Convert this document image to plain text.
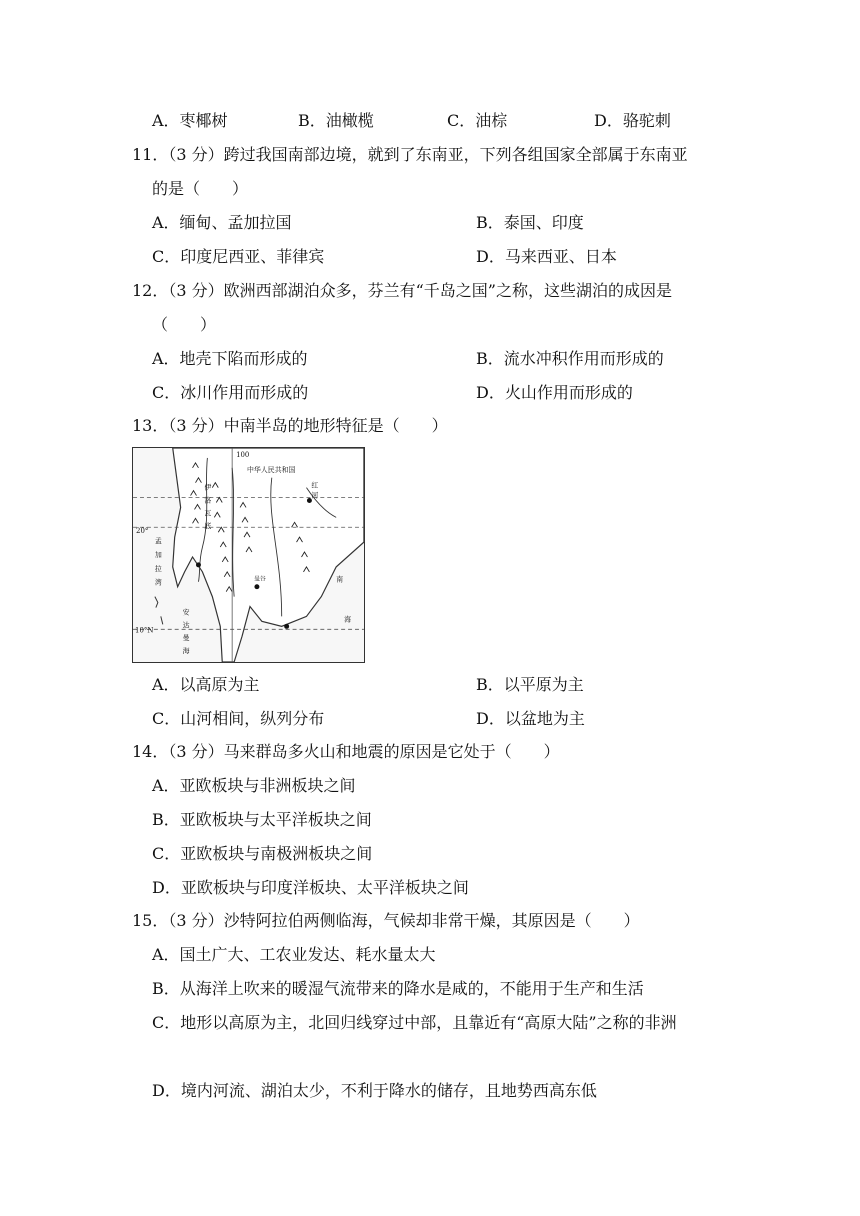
A．枣椰树	B．油橄榄	C．油棕	D．骆驼刺
11．（3 分）跨过我国南部边境，就到了东南亚，下列各组国家全部属于东南亚
的是（　　）
A．缅甸、孟加拉国	B．泰国、印度
C．印度尼西亚、菲律宾	D．马来西亚、日本
12．（3 分）欧洲西部湖泊众多，芬兰有“千岛之国”之称，这些湖泊的成因是
（　　）
A．地壳下陷而形成的	B．流水冲积作用而形成的
C．冰川作用而形成的	D．火山作用而形成的
13．（3 分）中南半岛的地形特征是（　　）
100
中华人民共和国
20°
10°N
伊
洛
瓦
底
孟
加
拉
湾
安
达
曼
海
红
河
曼谷	南
海
A．以高原为主	B．以平原为主
C．山河相间，纵列分布	D．以盆地为主
14．（3 分）马来群岛多火山和地震的原因是它处于（　　）
A．亚欧板块与非洲板块之间
B．亚欧板块与太平洋板块之间
C．亚欧板块与南极洲板块之间
D．亚欧板块与印度洋板块、太平洋板块之间
15．（3 分）沙特阿拉伯两侧临海，气候却非常干燥，其原因是（　　）
A．国土广大、工农业发达、耗水量太大
B．从海洋上吹来的暖湿气流带来的降水是咸的，不能用于生产和生活
C．地形以高原为主，北回归线穿过中部，且靠近有“高原大陆”之称的非洲
D．境内河流、湖泊太少，不利于降水的储存，且地势西高东低
